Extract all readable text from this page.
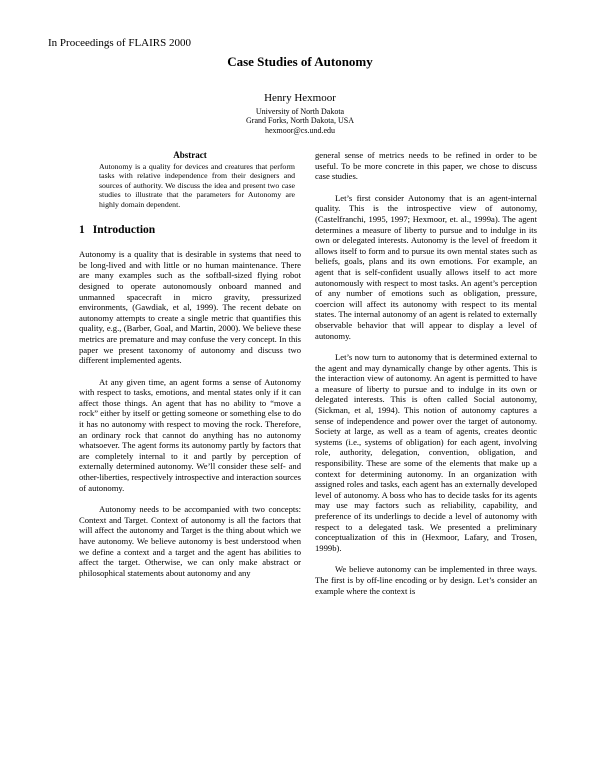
In Proceedings of FLAIRS 2000
Case Studies of Autonomy
Henry Hexmoor
University of North Dakota
Grand Forks, North Dakota, USA
hexmoor@cs.und.edu
Abstract
Autonomy is a quality for devices and creatures that perform tasks with relative independence from their designers and sources of authority. We discuss the idea and present two case studies to illustrate that the parameters for Autonomy are highly domain dependent.
1 Introduction

Autonomy is a quality that is desirable in systems that need to be long-lived and with little or no human maintenance. There are many examples such as the softball-sized flying robot designed to operate autonomously onboard manned and unmanned spacecraft in micro gravity, pressurized environments, (Gawdiak, et al, 1999). The recent debate on autonomy attempts to create a single metric that quantifies this quality, e.g., (Barber, Goal, and Martin, 2000). We believe these metrics are premature and may confuse the very concept. In this paper we present taxonomy of autonomy and discuss two different implemented agents.

At any given time, an agent forms a sense of Autonomy with respect to tasks, emotions, and mental states only if it can affect those things. An agent that has no ability to “move a rock” either by itself or getting someone or something else to do it has no autonomy with respect to moving the rock. Therefore, an ordinary rock that cannot do anything has no autonomy whatsoever. The agent forms its autonomy partly by factors that are completely internal to it and partly by perception of externally determined autonomy. We’ll consider these self- and other-liberties, respectively introspective and interaction sources of autonomy.

Autonomy needs to be accompanied with two concepts: Context and Target. Context of autonomy is all the factors that will affect the autonomy and Target is the thing about which we have autonomy. We believe autonomy is best understood when we define a context and a target and the agent has abilities to affect the target. Otherwise, we can only make abstract or philosophical statements about autonomy and any

general sense of metrics needs to be refined in order to be useful. To be more concrete in this paper, we chose to discuss case studies.

Let’s first consider Autonomy that is an agent-internal quality. This is the introspective view of autonomy, (Castelfranchi, 1995, 1997; Hexmoor, et. al., 1999a). The agent determines a measure of liberty to pursue and to indulge in its own or delegated interests. Autonomy is the level of freedom it allows itself to form and to pursue its own mental states such as beliefs, goals, plans and its own emotions. For example, an agent that is self-confident usually allows itself to act more autonomously with respect to most tasks. An agent’s perception of any number of emotions such as obligation, pressure, coercion will affect its autonomy with respect to its mental states. The internal autonomy of an agent is related to externally observable behavior that will appear to display a level of autonomy.

Let’s now turn to autonomy that is determined external to the agent and may dynamically change by other agents. This is the interaction view of autonomy. An agent is permitted to have a measure of liberty to pursue and to indulge in its own or delegated interests. This is often called Social autonomy, (Sickman, et al, 1994). This notion of autonomy captures a sense of independence and power over the target of autonomy. Society at large, as well as a team of agents, creates deontic systems (i.e., systems of obligation) for each agent, involving role, authority, delegation, convention, obligation, and responsibility. These are some of the elements that make up a context for determining autonomy. In an organization with assigned roles and tasks, each agent has an externally developed level of autonomy. A boss who has to decide tasks for its agents may use may factors such as reliability, capability, and preference of its underlings to decide a level of autonomy with respect to a delegated task. We presented a preliminary conceptualization of this in (Hexmoor, Lafary, and Trosen, 1999b).

We believe autonomy can be implemented in three ways. The first is by off-line encoding or by design. Let’s consider an example where the context is
